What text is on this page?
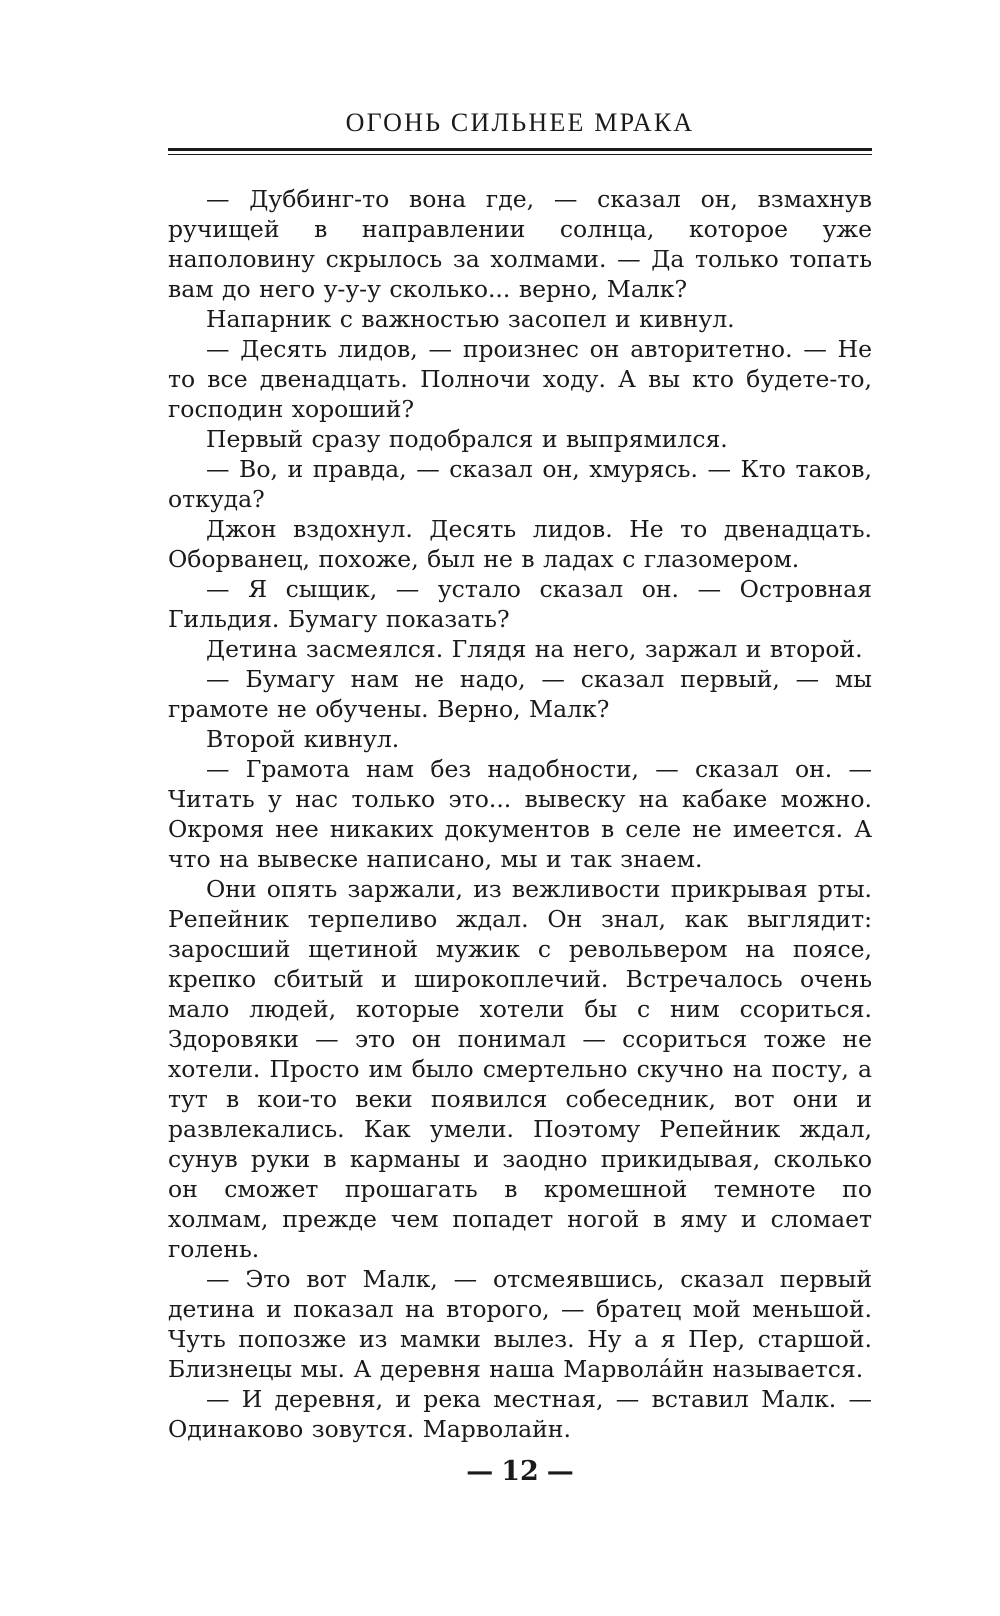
ОГОНЬ СИЛЬНЕЕ МРАКА

— Дуббинг-то вона где, — сказал он, взмахнув ручищей в направлении солнца, которое уже наполовину скрылось за холмами. — Да только топать вам до него у-у-у сколько... верно, Малк?

Напарник с важностью засопел и кивнул.

— Десять лидов, — произнес он авторитетно. — Не то все двенадцать. Полночи ходу. А вы кто будете-то, господин хороший?

Первый сразу подобрался и выпрямился.

— Во, и правда, — сказал он, хмурясь. — Кто таков, откуда?

Джон вздохнул. Десять лидов. Не то двенадцать. Оборванец, похоже, был не в ладах с глазомером.

— Я сыщик, — устало сказал он. — Островная Гильдия. Бумагу показать?

Детина засмеялся. Глядя на него, заржал и второй.

— Бумагу нам не надо, — сказал первый, — мы грамоте не обучены. Верно, Малк?

Второй кивнул.

— Грамота нам без надобности, — сказал он. — Читать у нас только это... вывеску на кабаке можно. Окромя нее никаких документов в селе не имеется. А что на вывеске написано, мы и так знаем.

Они опять заржали, из вежливости прикрывая рты. Репейник терпеливо ждал. Он знал, как выглядит: заросший щетиной мужик с револьвером на поясе, крепко сбитый и широкоплечий. Встречалось очень мало людей, которые хотели бы с ним ссориться. Здоровяки — это он понимал — ссориться тоже не хотели. Просто им было смертельно скучно на посту, а тут в кои-то веки появился собеседник, вот они и развлекались. Как умели. Поэтому Репейник ждал, сунув руки в карманы и заодно прикидывая, сколько он сможет прошагать в кромешной темноте по холмам, прежде чем попадет ногой в яму и сломает голень.

— Это вот Малк, — отсмеявшись, сказал первый детина и показал на второго, — братец мой меньшой. Чуть попозже из мамки вылез. Ну а я Пер, старшой. Близнецы мы. А деревня наша Марволáйн называется.

— И деревня, и река местная, — вставил Малк. — Одинаково зовутся. Марволайн.

— 12 —
